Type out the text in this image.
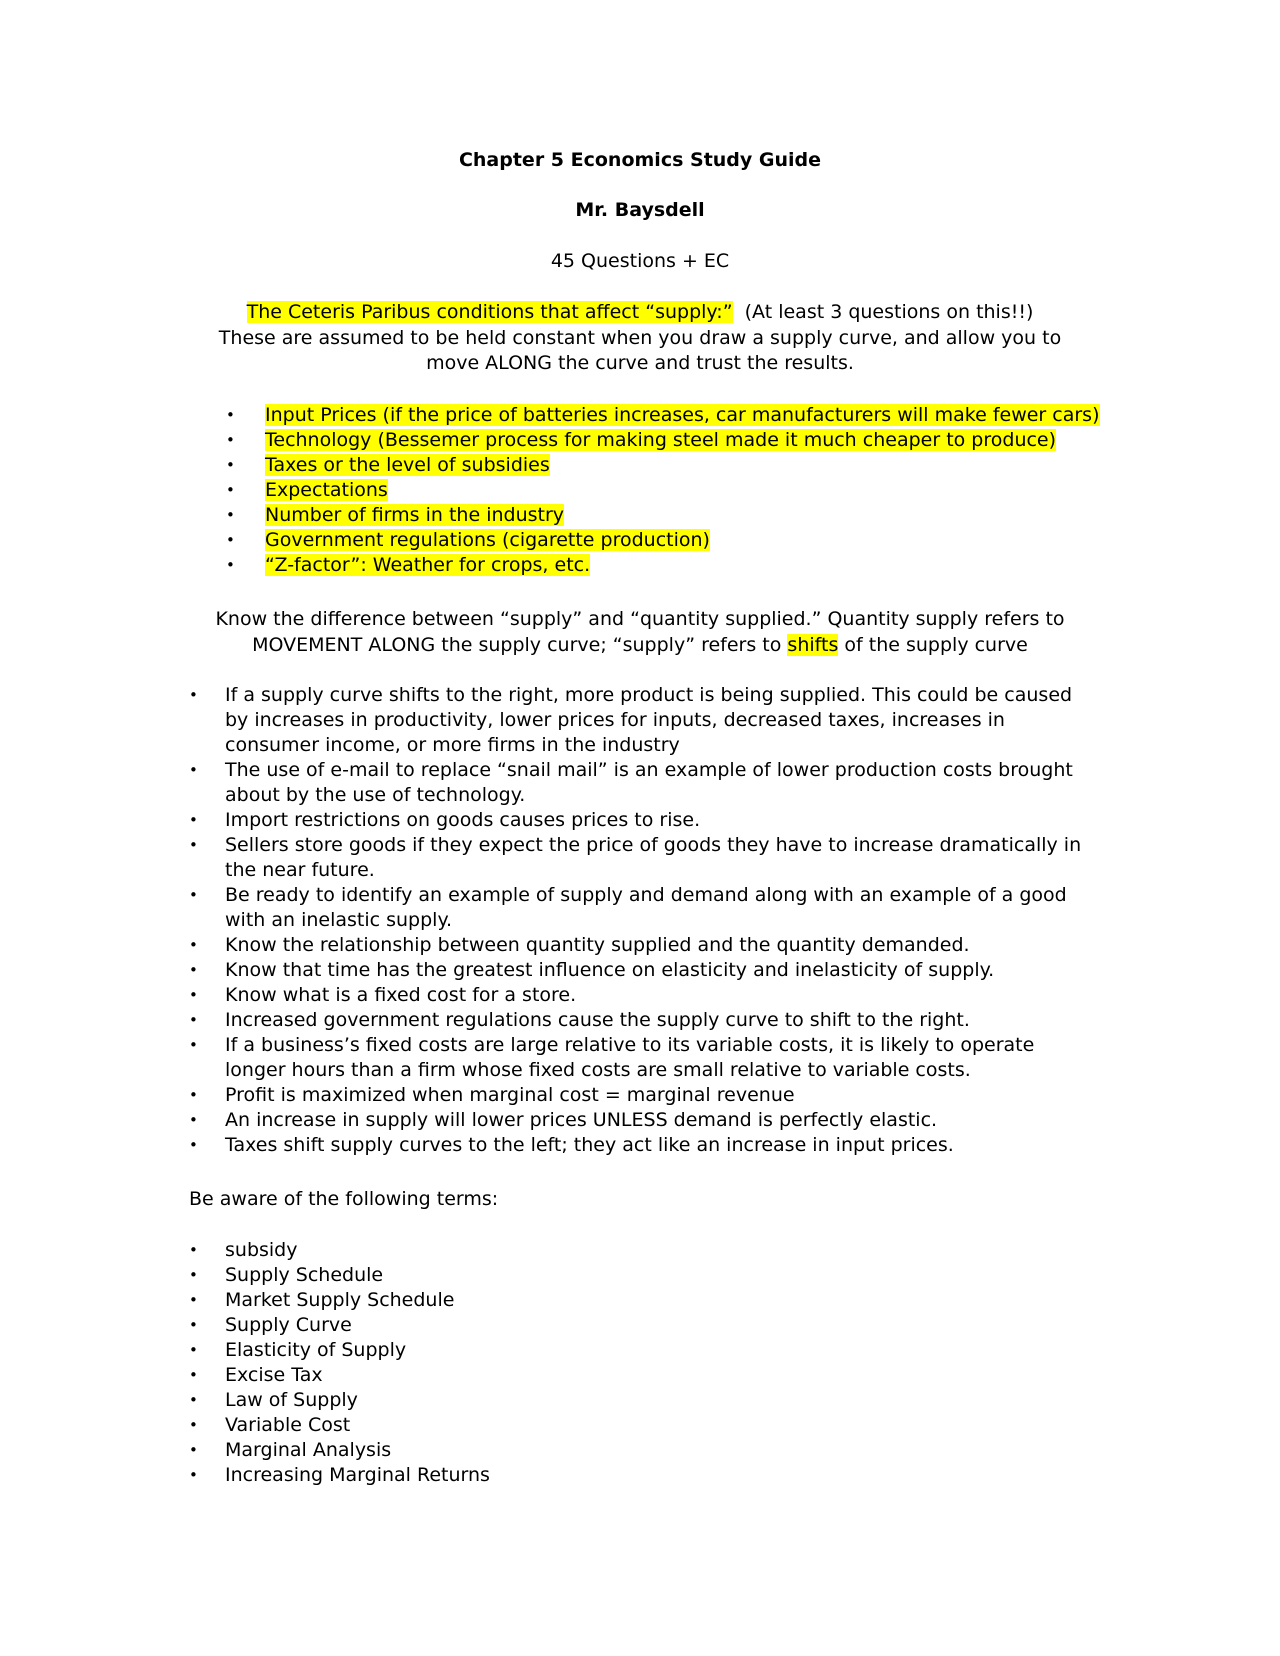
Chapter 5 Economics Study Guide
Mr. Baysdell
45 Questions + EC
The Ceteris Paribus conditions that affect “supply:” (At least 3 questions on this!!)
These are assumed to be held constant when you draw a supply curve, and allow you to move ALONG the curve and trust the results.
• Input Prices (if the price of batteries increases, car manufacturers will make fewer cars)
• Technology (Bessemer process for making steel made it much cheaper to produce)
• Taxes or the level of subsidies
• Expectations
• Number of firms in the industry
• Government regulations (cigarette production)
• “Z-factor”: Weather for crops, etc.
Know the difference between “supply” and “quantity supplied.” Quantity supply refers to
MOVEMENT ALONG the supply curve; “supply” refers to shifts of the supply curve
• If a supply curve shifts to the right, more product is being supplied. This could be caused by increases in productivity, lower prices for inputs, decreased taxes, increases in consumer income, or more firms in the industry
• The use of e-mail to replace “snail mail” is an example of lower production costs brought about by the use of technology.
• Import restrictions on goods causes prices to rise.
• Sellers store goods if they expect the price of goods they have to increase dramatically in the near future.
• Be ready to identify an example of supply and demand along with an example of a good with an inelastic supply.
• Know the relationship between quantity supplied and the quantity demanded.
• Know that time has the greatest influence on elasticity and inelasticity of supply.
• Know what is a fixed cost for a store.
• Increased government regulations cause the supply curve to shift to the right.
• If a business’s fixed costs are large relative to its variable costs, it is likely to operate longer hours than a firm whose fixed costs are small relative to variable costs.
• Profit is maximized when marginal cost = marginal revenue
• An increase in supply will lower prices UNLESS demand is perfectly elastic.
• Taxes shift supply curves to the left; they act like an increase in input prices.
Be aware of the following terms:
• subsidy
• Supply Schedule
• Market Supply Schedule
• Supply Curve
• Elasticity of Supply
• Excise Tax
• Law of Supply
• Variable Cost
• Marginal Analysis
• Increasing Marginal Returns
